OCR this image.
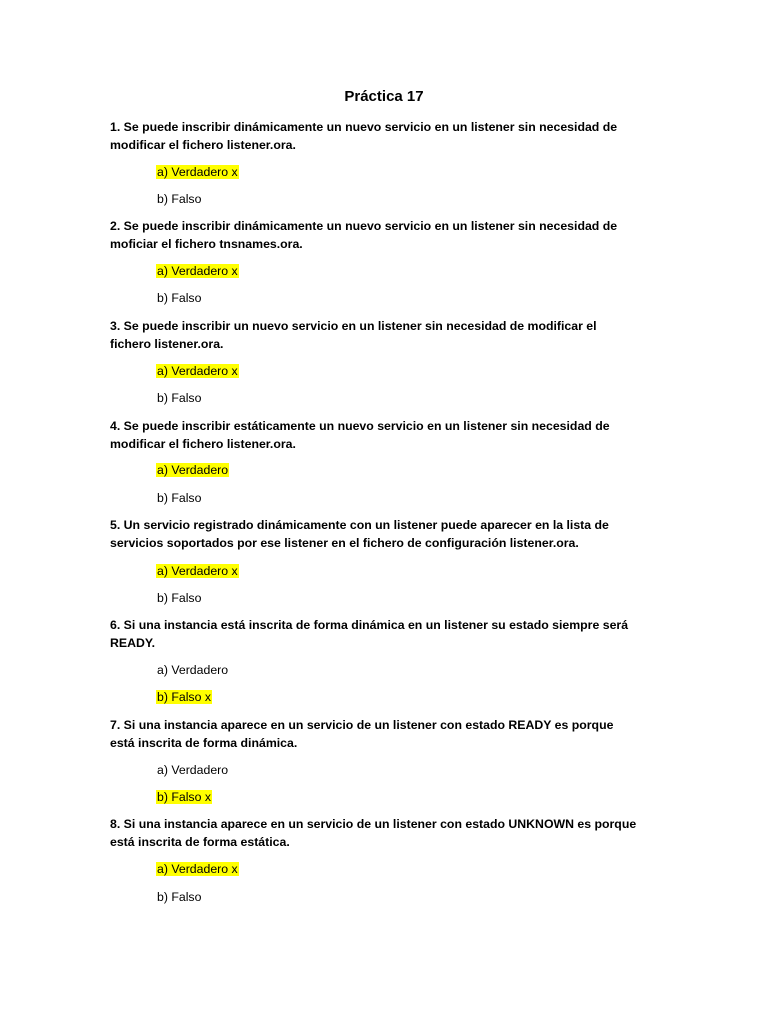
Práctica 17
1. Se puede inscribir dinámicamente un nuevo servicio en un listener sin necesidad de modificar el fichero listener.ora.
a) Verdadero x
b) Falso
2. Se puede inscribir dinámicamente un nuevo servicio en un listener sin necesidad de moficiar el fichero tnsnames.ora.
a) Verdadero x
b) Falso
3. Se puede inscribir un nuevo servicio en un listener sin necesidad de modificar el fichero listener.ora.
a) Verdadero x
b) Falso
4. Se puede inscribir estáticamente un nuevo servicio en un listener sin necesidad de modificar el fichero listener.ora.
a) Verdadero
b) Falso
5. Un servicio registrado dinámicamente con un listener puede aparecer en la lista de servicios soportados por ese listener en el fichero de configuración listener.ora.
a) Verdadero x
b) Falso
6. Si una instancia está inscrita de forma dinámica en un listener su estado siempre será READY.
a) Verdadero
b) Falso x
7. Si una instancia aparece en un servicio de un listener con estado READY es porque está inscrita de forma dinámica.
a) Verdadero
b) Falso x
8. Si una instancia aparece en un servicio de un listener con estado UNKNOWN es porque está inscrita de forma estática.
a) Verdadero x
b) Falso
